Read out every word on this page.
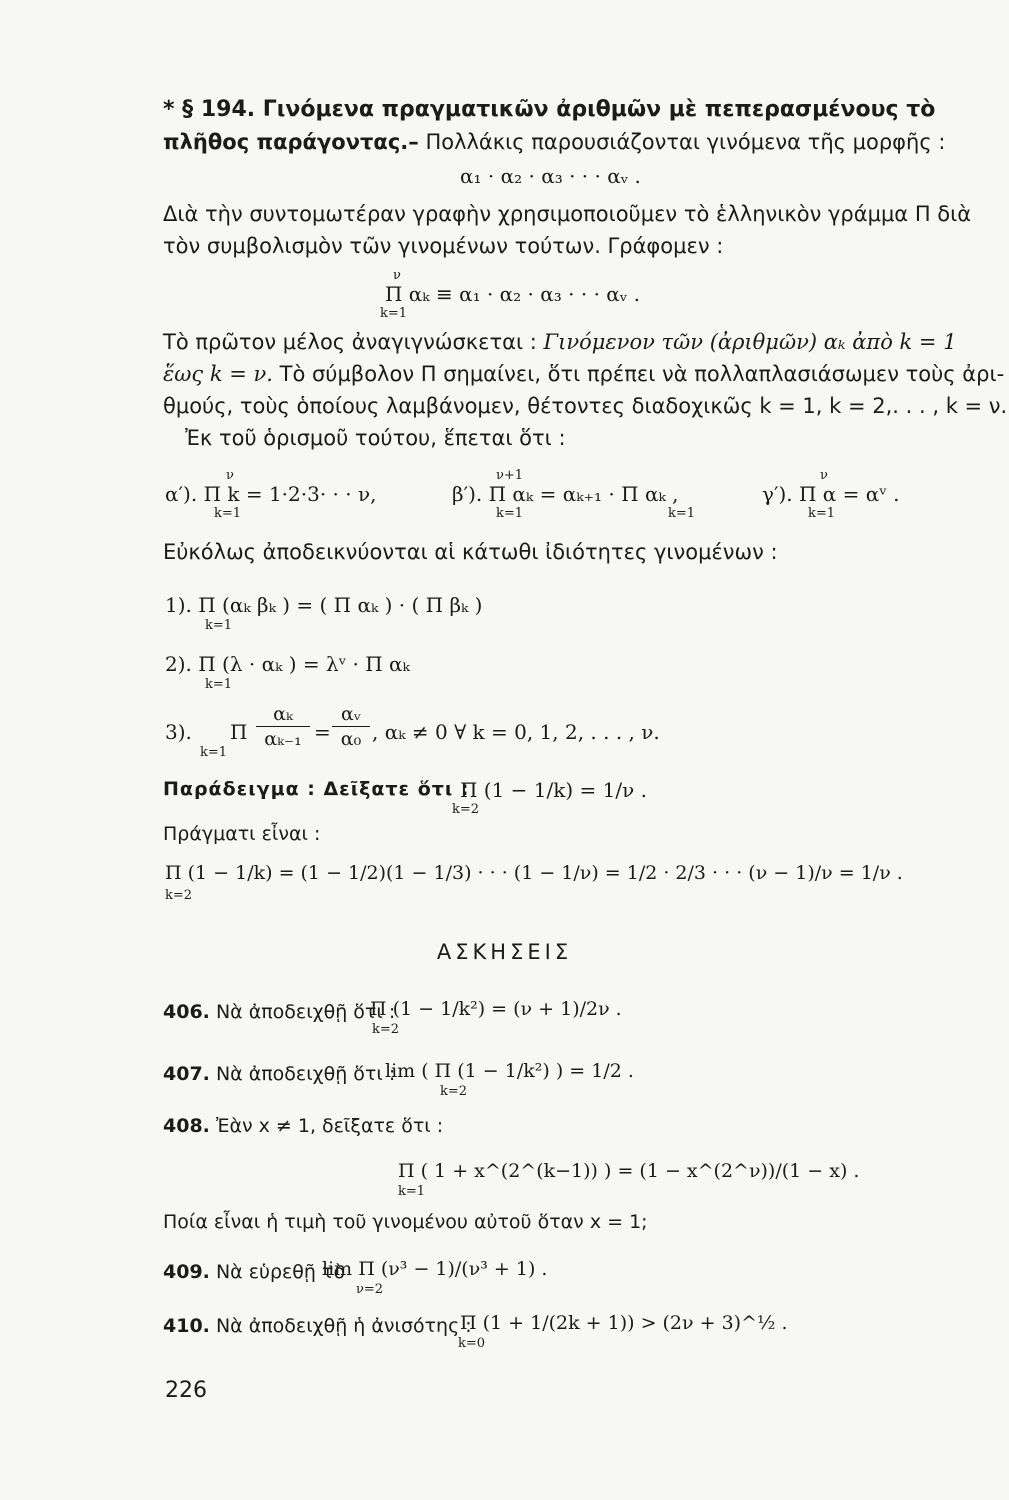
* § 194. Γινόμενα πραγματικῶν ἀριθμῶν μὲ πεπερασμένους τὸ
πλῆθος παράγοντας.– Πολλάκις παρουσιάζονται γινόμενα τῆς μορφῆς :
α₁ · α₂ · α₃ · · · αᵥ .
Διὰ τὴν συντομωτέραν γραφὴν χρησιμοποιοῦμεν τὸ ἑλληνικὸν γράμμα Π διὰ
τὸν συμβολισμὸν τῶν γινομένων τούτων. Γράφομεν :
ν
Π αₖ ≡ α₁ · α₂ · α₃ · · · αᵥ .
k=1
Τὸ πρῶτον μέλος ἀναγιγνώσκεται : Γινόμενον τῶν (ἀριθμῶν) αₖ ἀπὸ k = 1
ἕως k = ν. Τὸ σύμβολον Π σημαίνει, ὅτι πρέπει νὰ πολλαπλασιάσωμεν τοὺς ἀρι-
θμούς, τοὺς ὁποίους λαμβάνομεν, θέτοντες διαδοχικῶς k = 1, k = 2,. . . , k = ν.
Ἐκ τοῦ ὁρισμοῦ τούτου, ἕπεται ὅτι :
ν
α′). Π k = 1·2·3· · · ν,
k=1
ν+1
β′). Π αₖ = αₖ₊₁ · Π αₖ ,
k=1	k=1
ν
γ′). Π α = αᵛ .
k=1
Εὐκόλως ἀποδεικνύονται αἱ κάτωθι ἰδιότητες γινομένων :
1). Π (αₖ βₖ ) = ( Π αₖ ) · ( Π βₖ )
k=1
2). Π (λ · αₖ ) = λᵛ · Π αₖ
k=1
3). Π
αₖ
αₖ₋₁ =
αᵥ
α₀ , αₖ ≠ 0 ∀ k = 0, 1, 2, . . . , ν.
k=1
Παράδειγμα : Δεῖξατε ὅτι :
Π (1 − 1/k) = 1/ν .
k=2
Πράγματι εἶναι :
Π (1 − 1/k) = (1 − 1/2)(1 − 1/3) · · · (1 − 1/ν) = 1/2 · 2/3 · · · (ν − 1)/ν = 1/ν .
k=2
ΑΣΚΗΣΕΙΣ
406. Νὰ ἀποδειχθῇ ὅτι :
Π (1 − 1/k²) = (ν + 1)/2ν .
k=2
407. Νὰ ἀποδειχθῇ ὅτι :
lim ( Π (1 − 1/k²) ) = 1/2 .
k=2
408. Ἐὰν x ≠ 1, δεῖξατε ὅτι :
Π ( 1 + x^(2^(k−1)) ) = (1 − x^(2^ν))/(1 − x) .
k=1
Ποία εἶναι ἡ τιμὴ τοῦ γινομένου αὐτοῦ ὅταν x = 1;
409. Νὰ εὑρεθῇ τὸ
lim Π (ν³ − 1)/(ν³ + 1) .
ν=2
410. Νὰ ἀποδειχθῇ ἡ ἀνισότης :
Π (1 + 1/(2k + 1)) > (2ν + 3)^½ .
k=0
226
